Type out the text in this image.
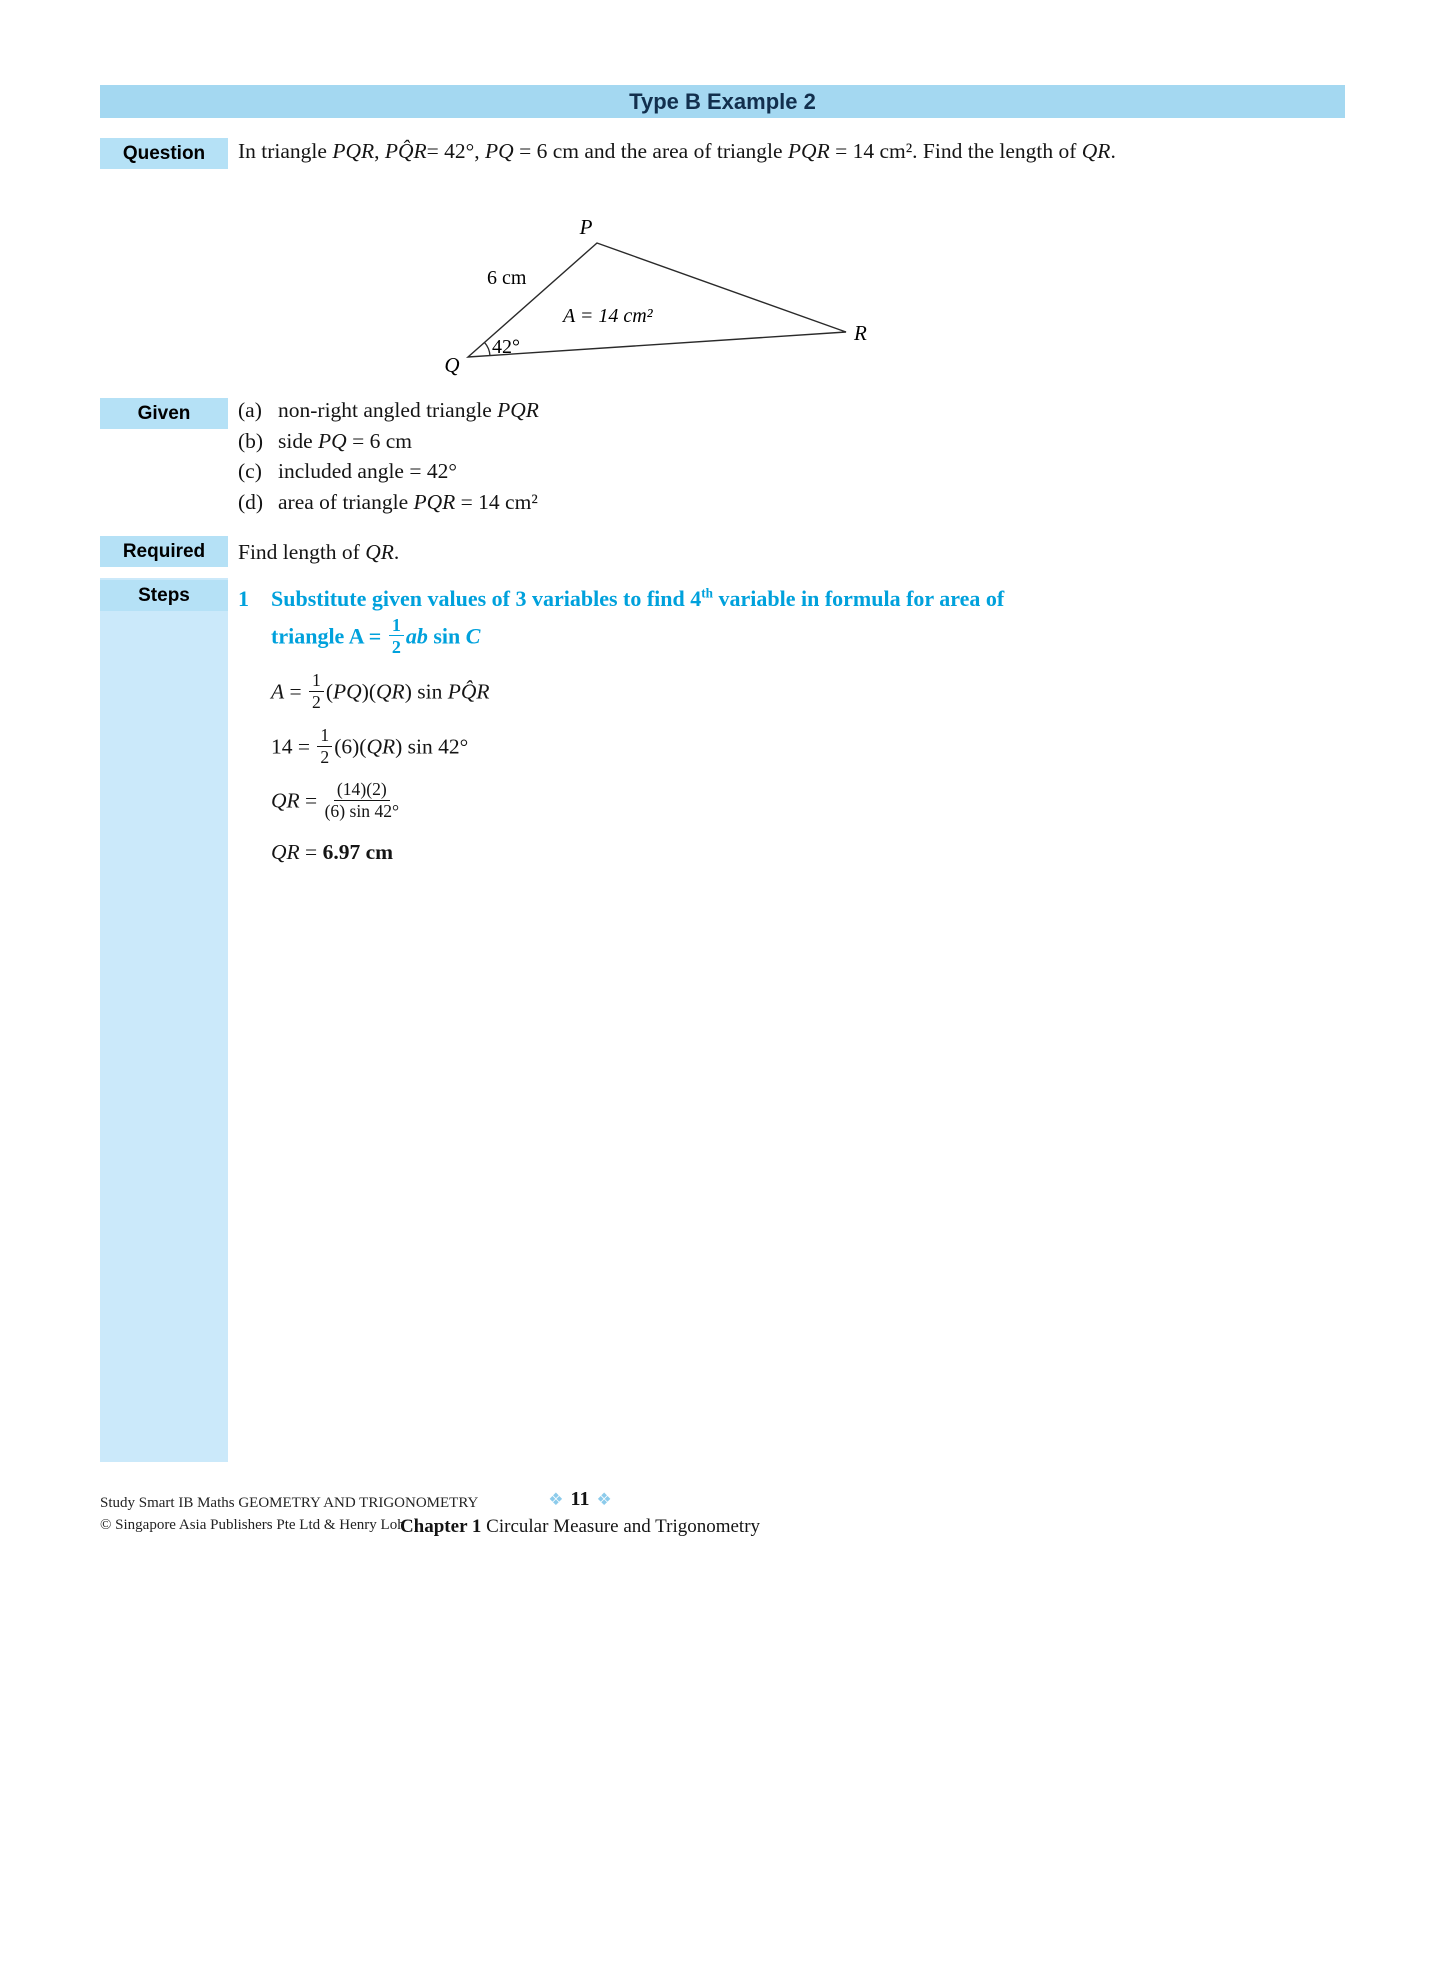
Type B Example 2
Question In triangle PQR, PQ̂R= 42°, PQ = 6 cm and the area of triangle PQR = 14 cm². Find the length of QR.
P
Q
R
6 cm
A = 14 cm²
42°
Given (a) non-right angled triangle PQR
(b) side PQ = 6 cm
(c) included angle = 42°
(d) area of triangle PQR = 14 cm²
Required Find length of QR.
Steps 1	Substitute given values of 3 variables to find 4th variable in formula for area of
triangle $A = \frac{1}{2}$ ab sin C
$A = \frac{1}{2} (PQ)(QR)$ sin PQ̂R
$14 = \frac{1}{2} (6)(QR)$ sin 42°
QR = $\frac{(14)(2)}{(6) \sin 42^\circ}$
QR = 6.97 cm
Study Smart IB Maths GEOMETRY AND TRIGONOMETRY
© Singapore Asia Publishers Pte Ltd & Henry Loh
❖ 11 ❖
Chapter 1 Circular Measure and Trigonometry
